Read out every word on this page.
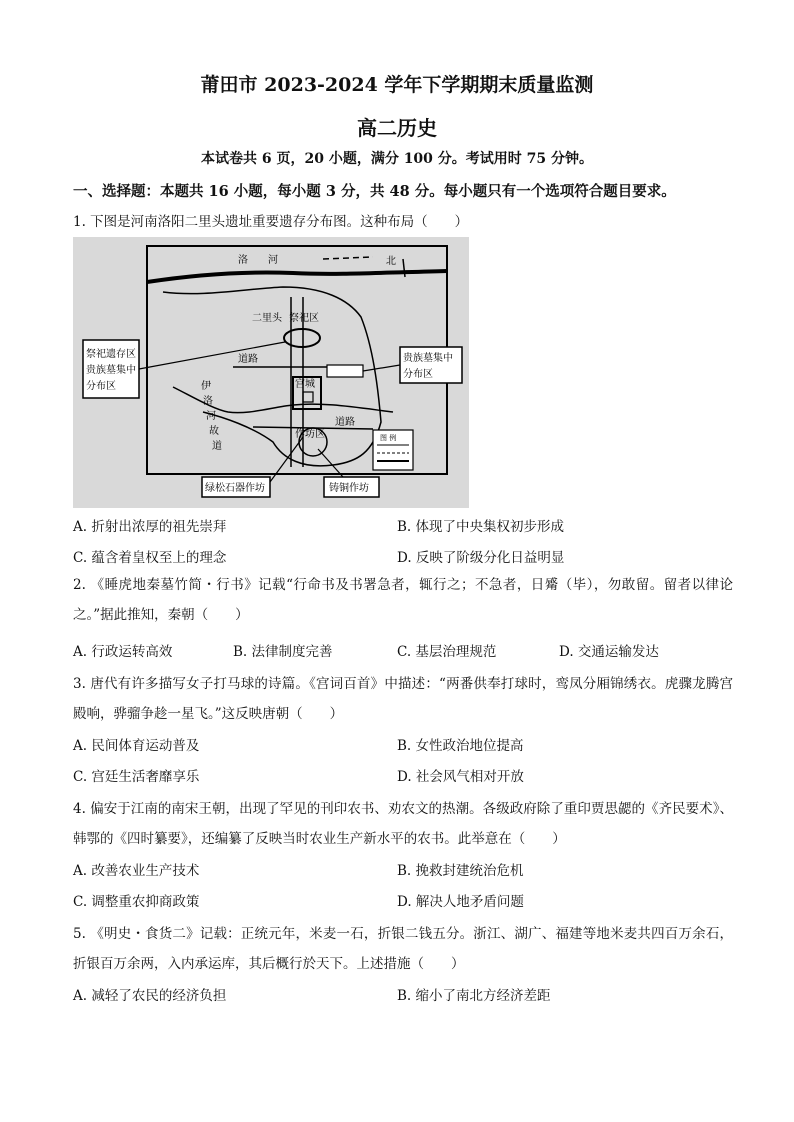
莆田市 2023-2024 学年下学期期末质量监测
高二历史
本试卷共 6 页，20 小题，满分 100 分。考试用时 75 分钟。
一、选择题：本题共 16 小题，每小题 3 分，共 48 分。每小题只有一个选项符合题目要求。
1. 下图是河南洛阳二里头遗址重要遗存分布图。这种布局（　　）
洛　　河	北
二里头 祭祀区
祭祀遗存区
贵族墓集中
分布区
贵族墓集中
分布区
道路
道路
宫城
作坊区
伊
洛
河
故
道
图 例
绿松石器作坊	铸铜作坊
A. 折射出浓厚的祖先崇拜	B. 体现了中央集权初步形成
C. 蕴含着皇权至上的理念	D. 反映了阶级分化日益明显
2. 《睡虎地秦墓竹简・行书》记载“行命书及书署急者，辄行之；不急者，日觱（毕），勿敢留。留者以律论之。”据此推知，秦朝（　　）
A. 行政运转高效	B. 法律制度完善	C. 基层治理规范	D. 交通运输发达
3. 唐代有许多描写女子打马球的诗篇。《宫词百首》中描述：“两番供奉打球时，鸾凤分厢锦绣衣。虎骤龙腾宫殿响，骅骝争趁一星飞。”这反映唐朝（　　）
A. 民间体育运动普及	B. 女性政治地位提高
C. 宫廷生活奢靡享乐	D. 社会风气相对开放
4. 偏安于江南的南宋王朝，出现了罕见的刊印农书、劝农文的热潮。各级政府除了重印贾思勰的《齐民要术》、韩鄂的《四时纂要》，还编纂了反映当时农业生产新水平的农书。此举意在（　　）
A. 改善农业生产技术	B. 挽救封建统治危机
C. 调整重农抑商政策	D. 解决人地矛盾问题
5. 《明史・食货二》记载：正统元年，米麦一石，折银二钱五分。浙江、湖广、福建等地米麦共四百万余石，折银百万余两，入内承运库，其后概行於天下。上述措施（　　）
A. 减轻了农民的经济负担	B. 缩小了南北方经济差距
